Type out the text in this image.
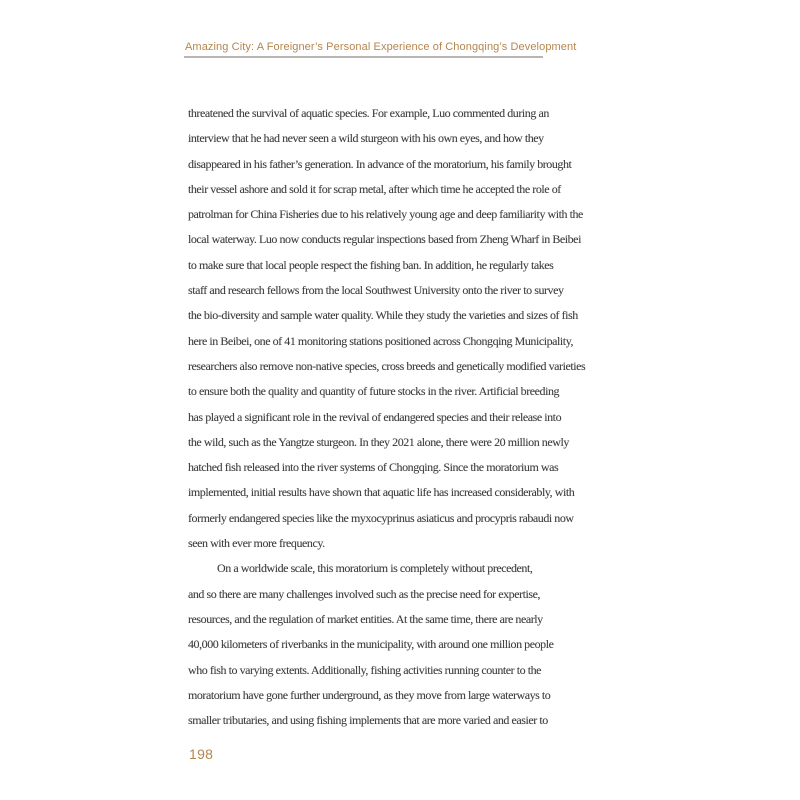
Amazing City: A Foreigner’s Personal Experience of Chongqing’s Development
threatened the survival of aquatic species. For example, Luo commented during an
interview that he had never seen a wild sturgeon with his own eyes, and how they
disappeared in his father’s generation. In advance of the moratorium, his family brought
their vessel ashore and sold it for scrap metal, after which time he accepted the role of
patrolman for China Fisheries due to his relatively young age and deep familiarity with the
local waterway. Luo now conducts regular inspections based from Zheng Wharf in Beibei
to make sure that local people respect the fishing ban. In addition, he regularly takes
staff and research fellows from the local Southwest University onto the river to survey
the bio-diversity and sample water quality. While they study the varieties and sizes of fish
here in Beibei, one of 41 monitoring stations positioned across Chongqing Municipality,
researchers also remove non-native species, cross breeds and genetically modified varieties
to ensure both the quality and quantity of future stocks in the river. Artificial breeding
has played a significant role in the revival of endangered species and their release into
the wild, such as the Yangtze sturgeon. In they 2021 alone, there were 20 million newly
hatched fish released into the river systems of Chongqing. Since the moratorium was
implemented, initial results have shown that aquatic life has increased considerably, with
formerly endangered species like the myxocyprinus asiaticus and procypris rabaudi now
seen with ever more frequency.
On a worldwide scale, this moratorium is completely without precedent,
and so there are many challenges involved such as the precise need for expertise,
resources, and the regulation of market entities. At the same time, there are nearly
40,000 kilometers of riverbanks in the municipality, with around one million people
who fish to varying extents. Additionally, fishing activities running counter to the
moratorium have gone further underground, as they move from large waterways to
smaller tributaries, and using fishing implements that are more varied and easier to
198
